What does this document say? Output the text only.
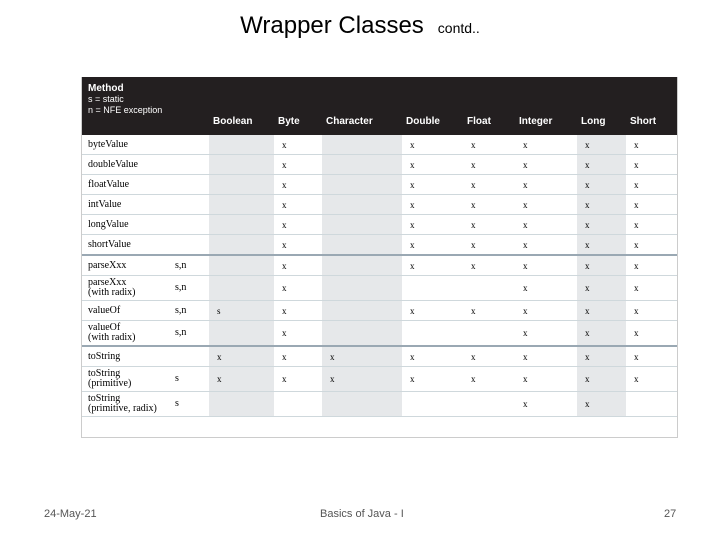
Wrapper Classes contd..
Method
s = static
n = NFE exception		Boolean	Byte	Character	Double	Float	Integer	Long	Short
byteValue			x		x	x	x	x	x
doubleValue			x		x	x	x	x	x
floatValue			x		x	x	x	x	x
intValue			x		x	x	x	x	x
longValue			x		x	x	x	x	x
shortValue			x		x	x	x	x	x
parseXxx	s,n		x		x	x	x	x	x
parseXxx
(with radix)	s,n		x				x	x	x
valueOf	s,n	s	x		x	x	x	x	x
valueOf
(with radix)	s,n		x				x	x	x
toString		x	x	x	x	x	x	x	x
toString
(primitive)	s	x	x	x	x	x	x	x	x
toString
(primitive, radix)	s						x	x	
24-May-21	Basics of Java - I	27
